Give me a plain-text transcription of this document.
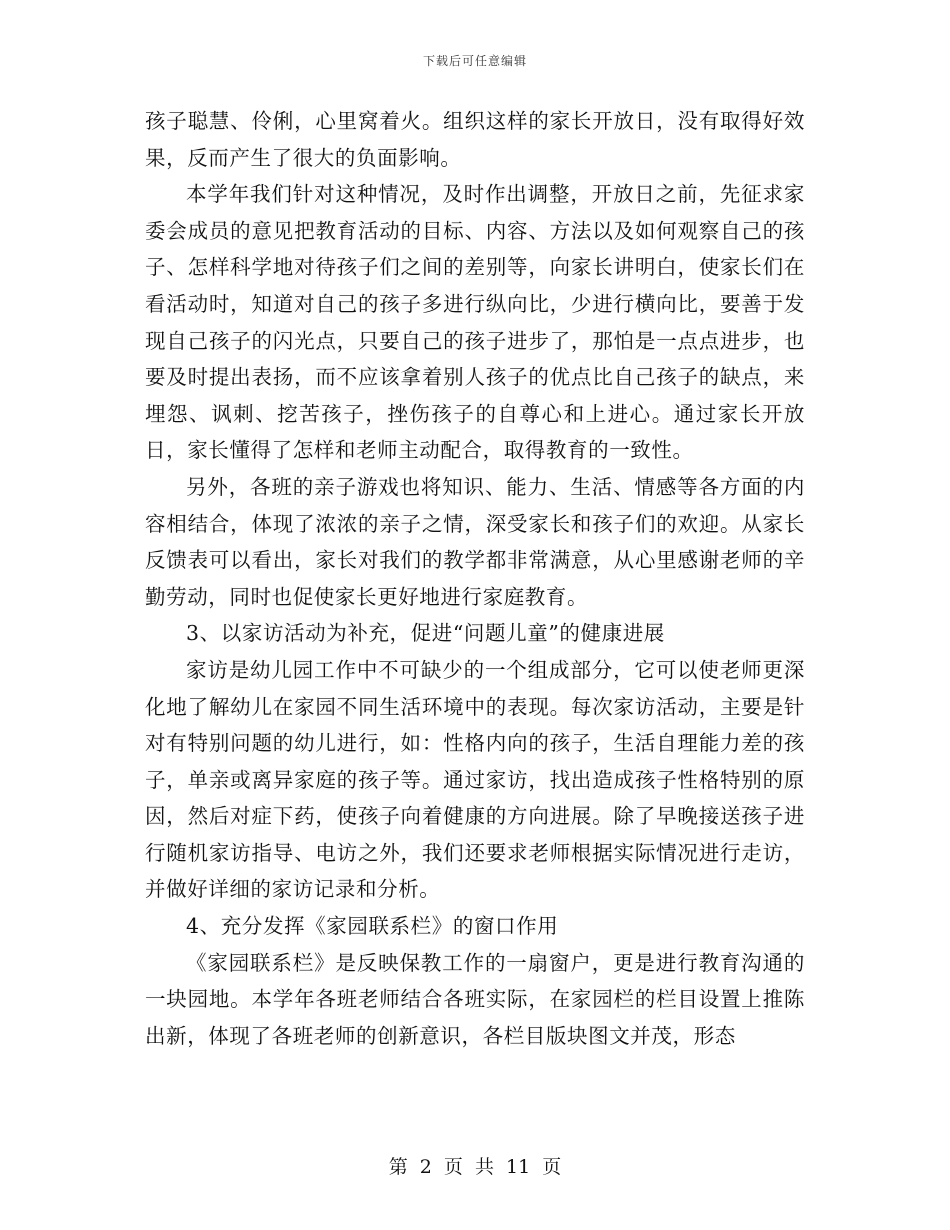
下载后可任意编辑

孩子聪慧、伶俐，心里窝着火。组织这样的家长开放日，没有取得好效果，反而产生了很大的负面影响。

本学年我们针对这种情况，及时作出调整，开放日之前，先征求家委会成员的意见把教育活动的目标、内容、方法以及如何观察自己的孩子、怎样科学地对待孩子们之间的差别等，向家长讲明白，使家长们在看活动时，知道对自己的孩子多进行纵向比，少进行横向比，要善于发现自己孩子的闪光点，只要自己的孩子进步了，那怕是一点点进步，也要及时提出表扬，而不应该拿着别人孩子的优点比自己孩子的缺点，来埋怨、讽刺、挖苦孩子，挫伤孩子的自尊心和上进心。通过家长开放日，家长懂得了怎样和老师主动配合，取得教育的一致性。

另外，各班的亲子游戏也将知识、能力、生活、情感等各方面的内容相结合，体现了浓浓的亲子之情，深受家长和孩子们的欢迎。从家长反馈表可以看出，家长对我们的教学都非常满意，从心里感谢老师的辛勤劳动，同时也促使家长更好地进行家庭教育。

3、以家访活动为补充，促进“问题儿童”的健康进展

家访是幼儿园工作中不可缺少的一个组成部分，它可以使老师更深化地了解幼儿在家园不同生活环境中的表现。每次家访活动，主要是针对有特别问题的幼儿进行，如：性格内向的孩子，生活自理能力差的孩子，单亲或离异家庭的孩子等。通过家访，找出造成孩子性格特别的原因，然后对症下药，使孩子向着健康的方向进展。除了早晚接送孩子进行随机家访指导、电访之外，我们还要求老师根据实际情况进行走访，并做好详细的家访记录和分析。

4、充分发挥《家园联系栏》的窗口作用

《家园联系栏》是反映保教工作的一扇窗户，更是进行教育沟通的一块园地。本学年各班老师结合各班实际，在家园栏的栏目设置上推陈出新，体现了各班老师的创新意识，各栏目版块图文并茂，形态

第 2 页 共 11 页
